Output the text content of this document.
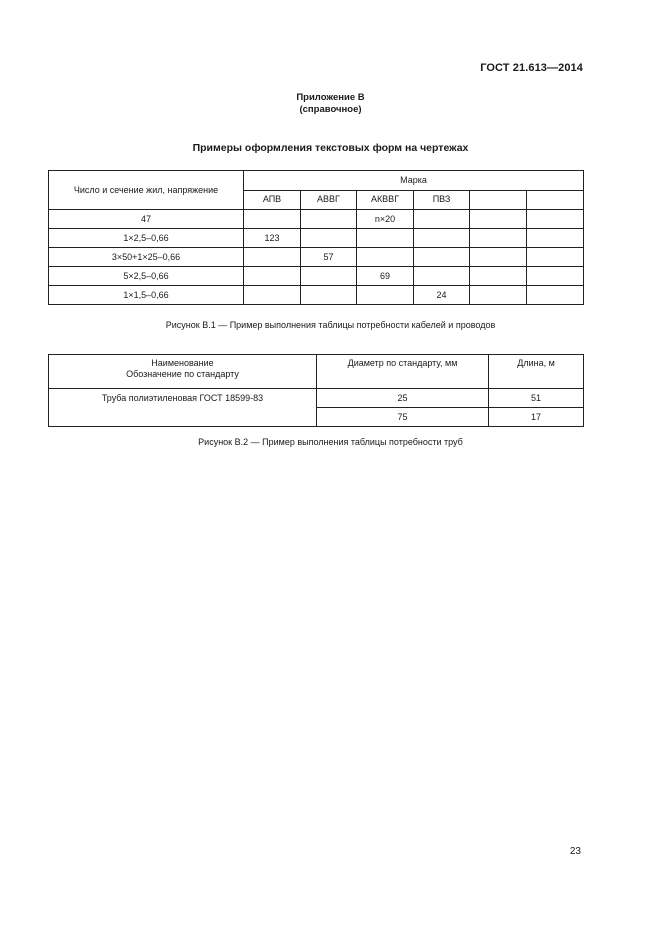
ГОСТ 21.613—2014
Приложение В
(справочное)
Примеры оформления текстовых форм на чертежах
Число и сечение жил, напряжение	Марка					
	АПВ	АВВГ	АКВВГ	ПВЗ		
47			n×20			
1×2,5–0,66	123					
3×50+1×25–0,66		57				
5×2,5–0,66			69			
1×1,5–0,66				24		
Рисунок В.1 — Пример выполнения таблицы потребности кабелей и проводов
Наименование
Обозначение по стандарту	Диаметр по стандарту, мм	Длина, м
Труба полиэтиленовая ГОСТ 18599-83	25	51
	75	17
Рисунок В.2 — Пример выполнения таблицы потребности труб
23
